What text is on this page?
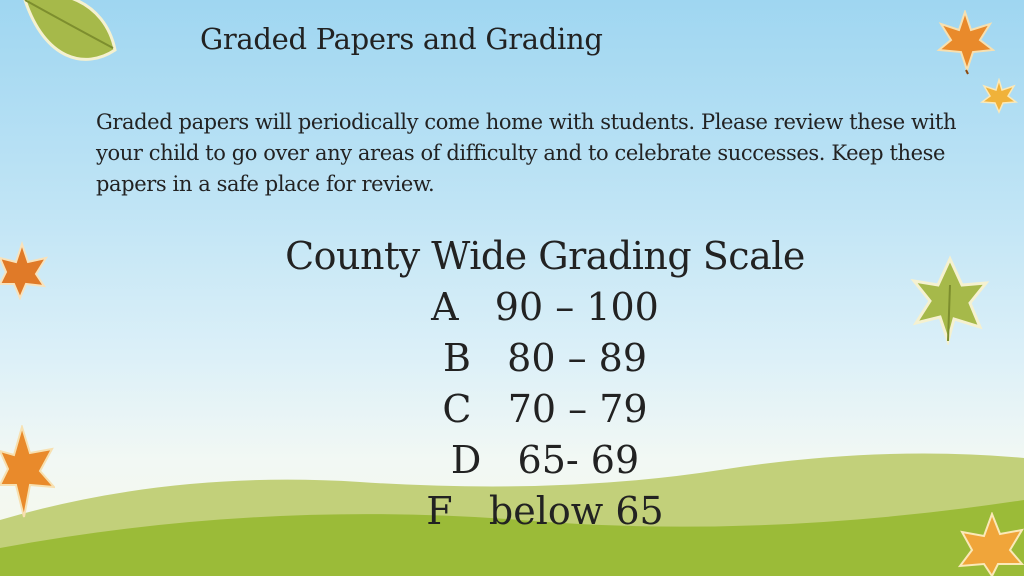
Graded Papers and Grading
Graded papers will periodically come home with students. Please review these with your child to go over any areas of difficulty and to celebrate successes. Keep these papers in a safe place for review.
County Wide Grading Scale
A   90 – 100
B   80 – 89
C   70 – 79
D   65- 69
F   below 65
